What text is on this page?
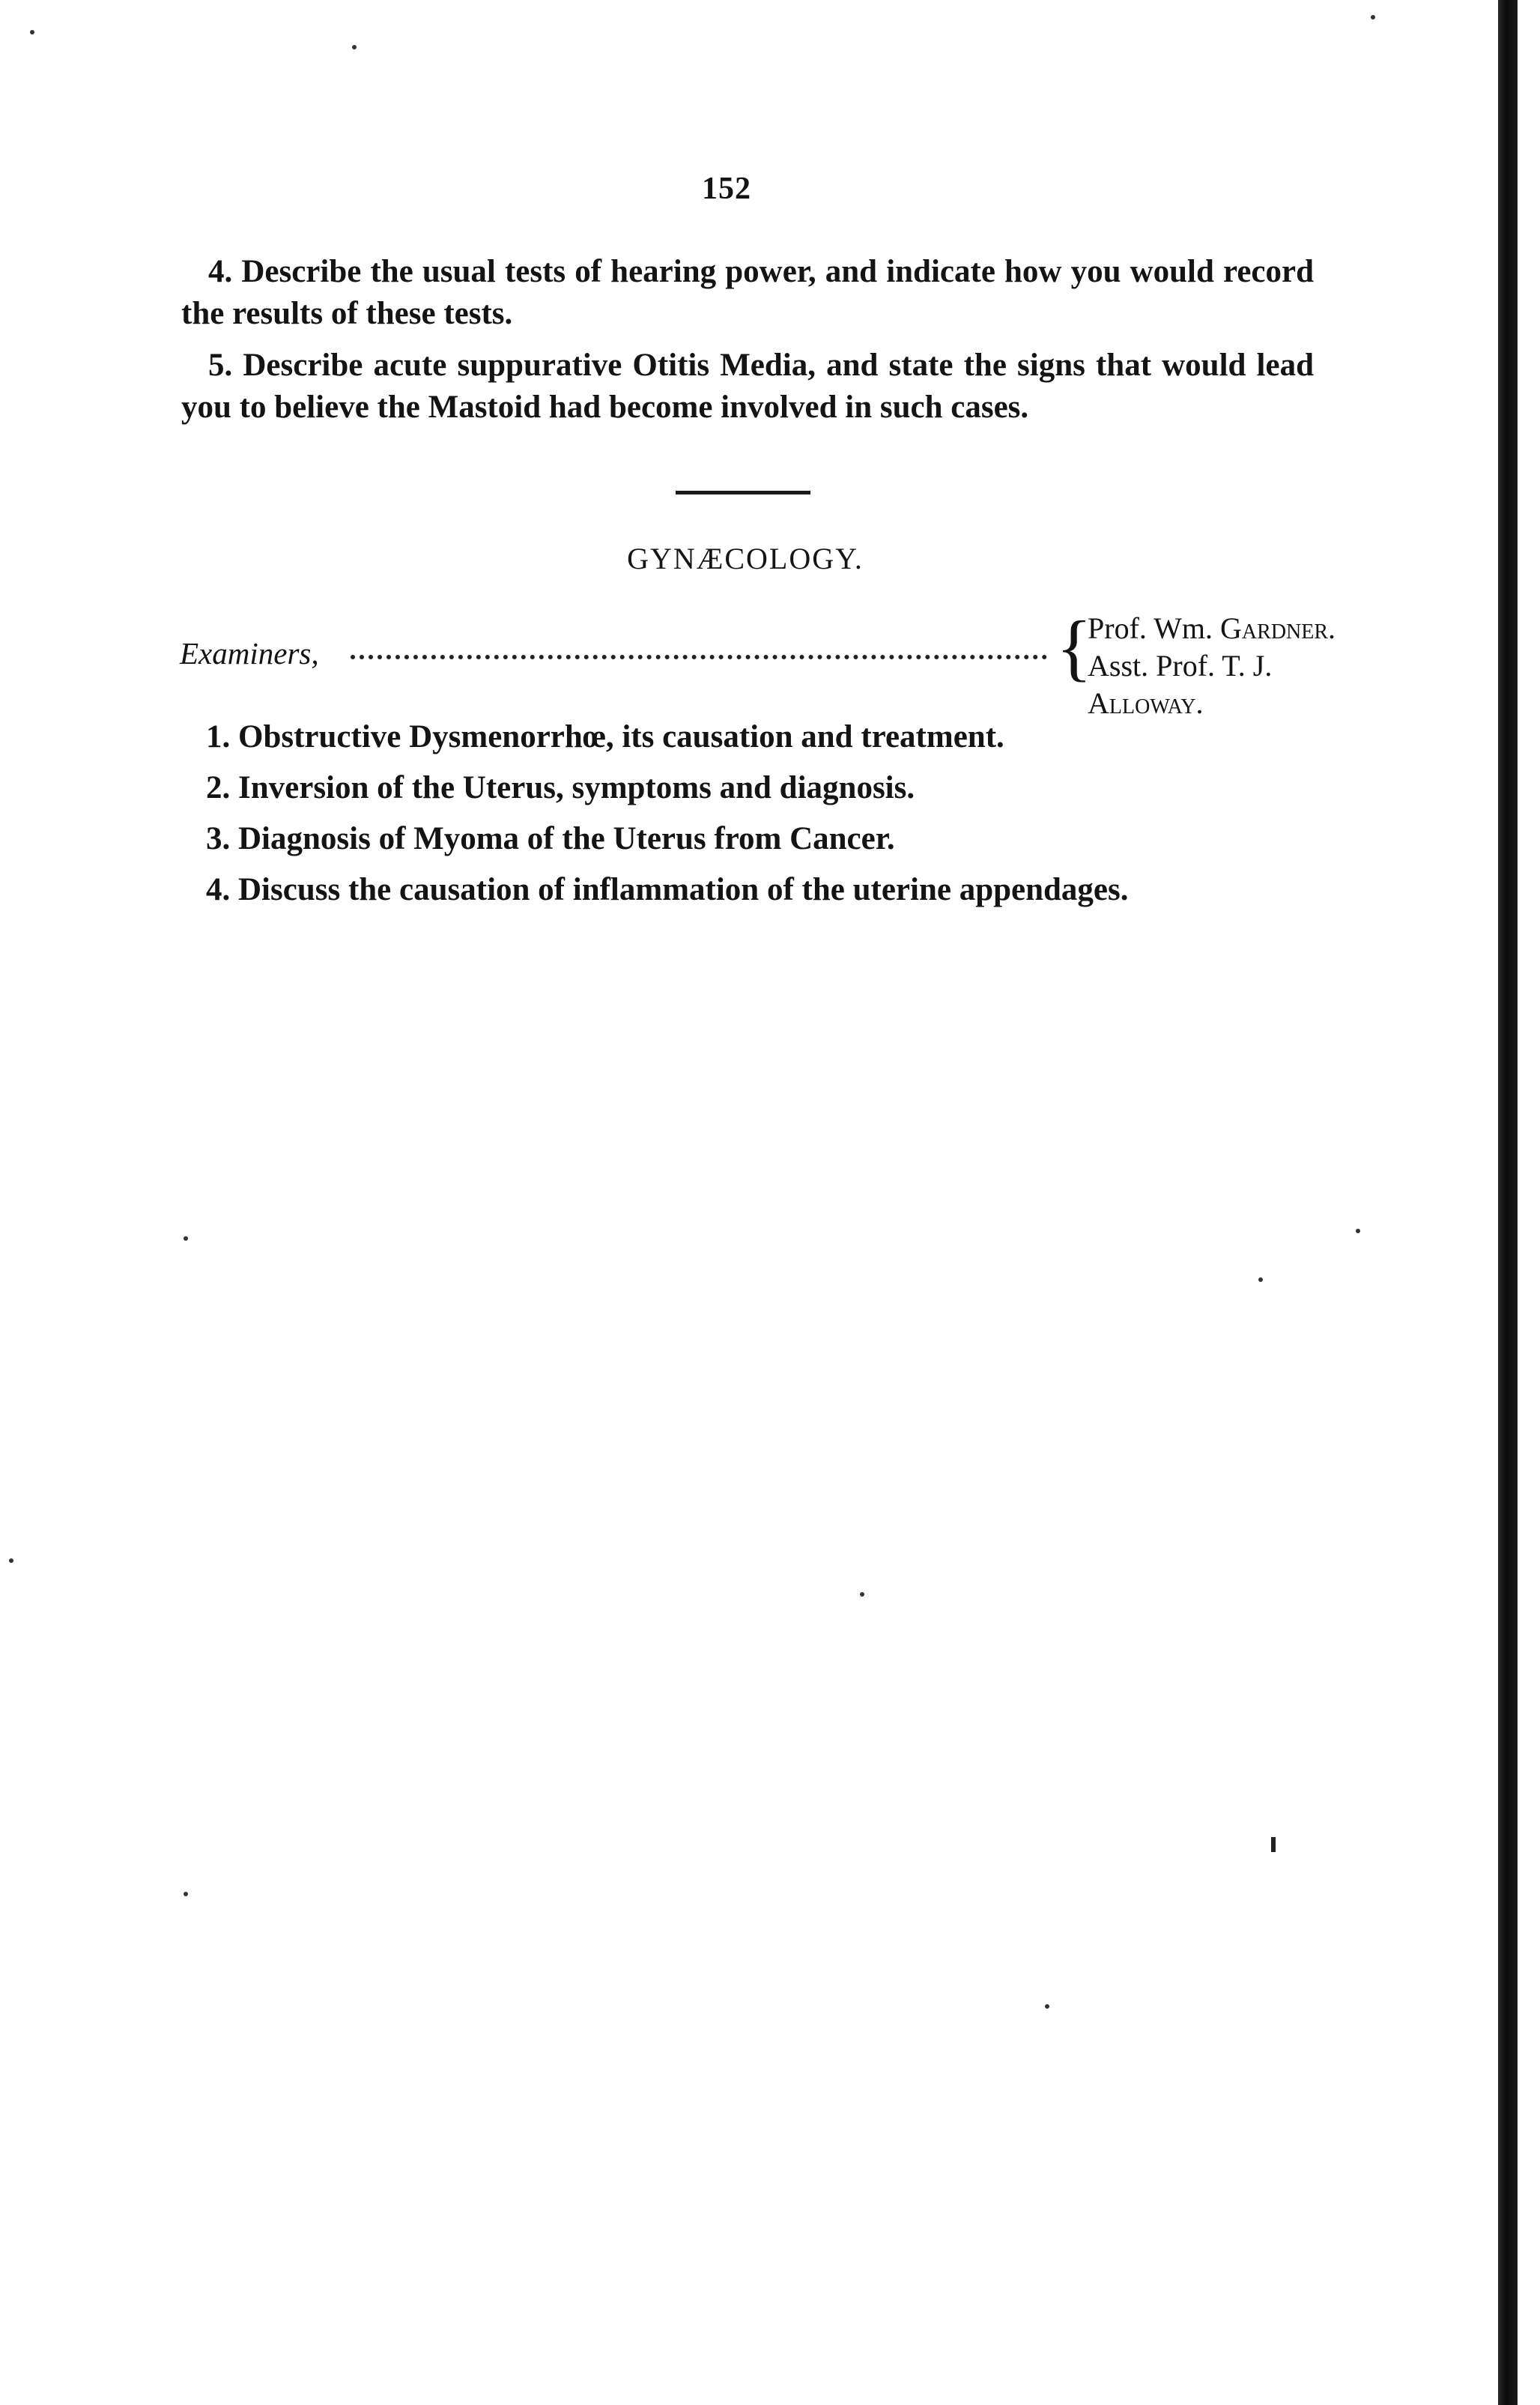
152

4. Describe the usual tests of hearing power, and indicate how you would record the results of these tests.

5. Describe acute suppurative Otitis Media, and state the signs that would lead you to believe the Mastoid had become involved in such cases.

GYNÆCOLOGY.
Examiners,	{
Prof. Wm. Gardner.
Asst. Prof. T. J. Alloway.
1. Obstructive Dysmenorrhœ, its causation and treatment.
2. Inversion of the Uterus, symptoms and diagnosis.
3. Diagnosis of Myoma of the Uterus from Cancer.
4. Discuss the causation of inflammation of the uterine appendages.
